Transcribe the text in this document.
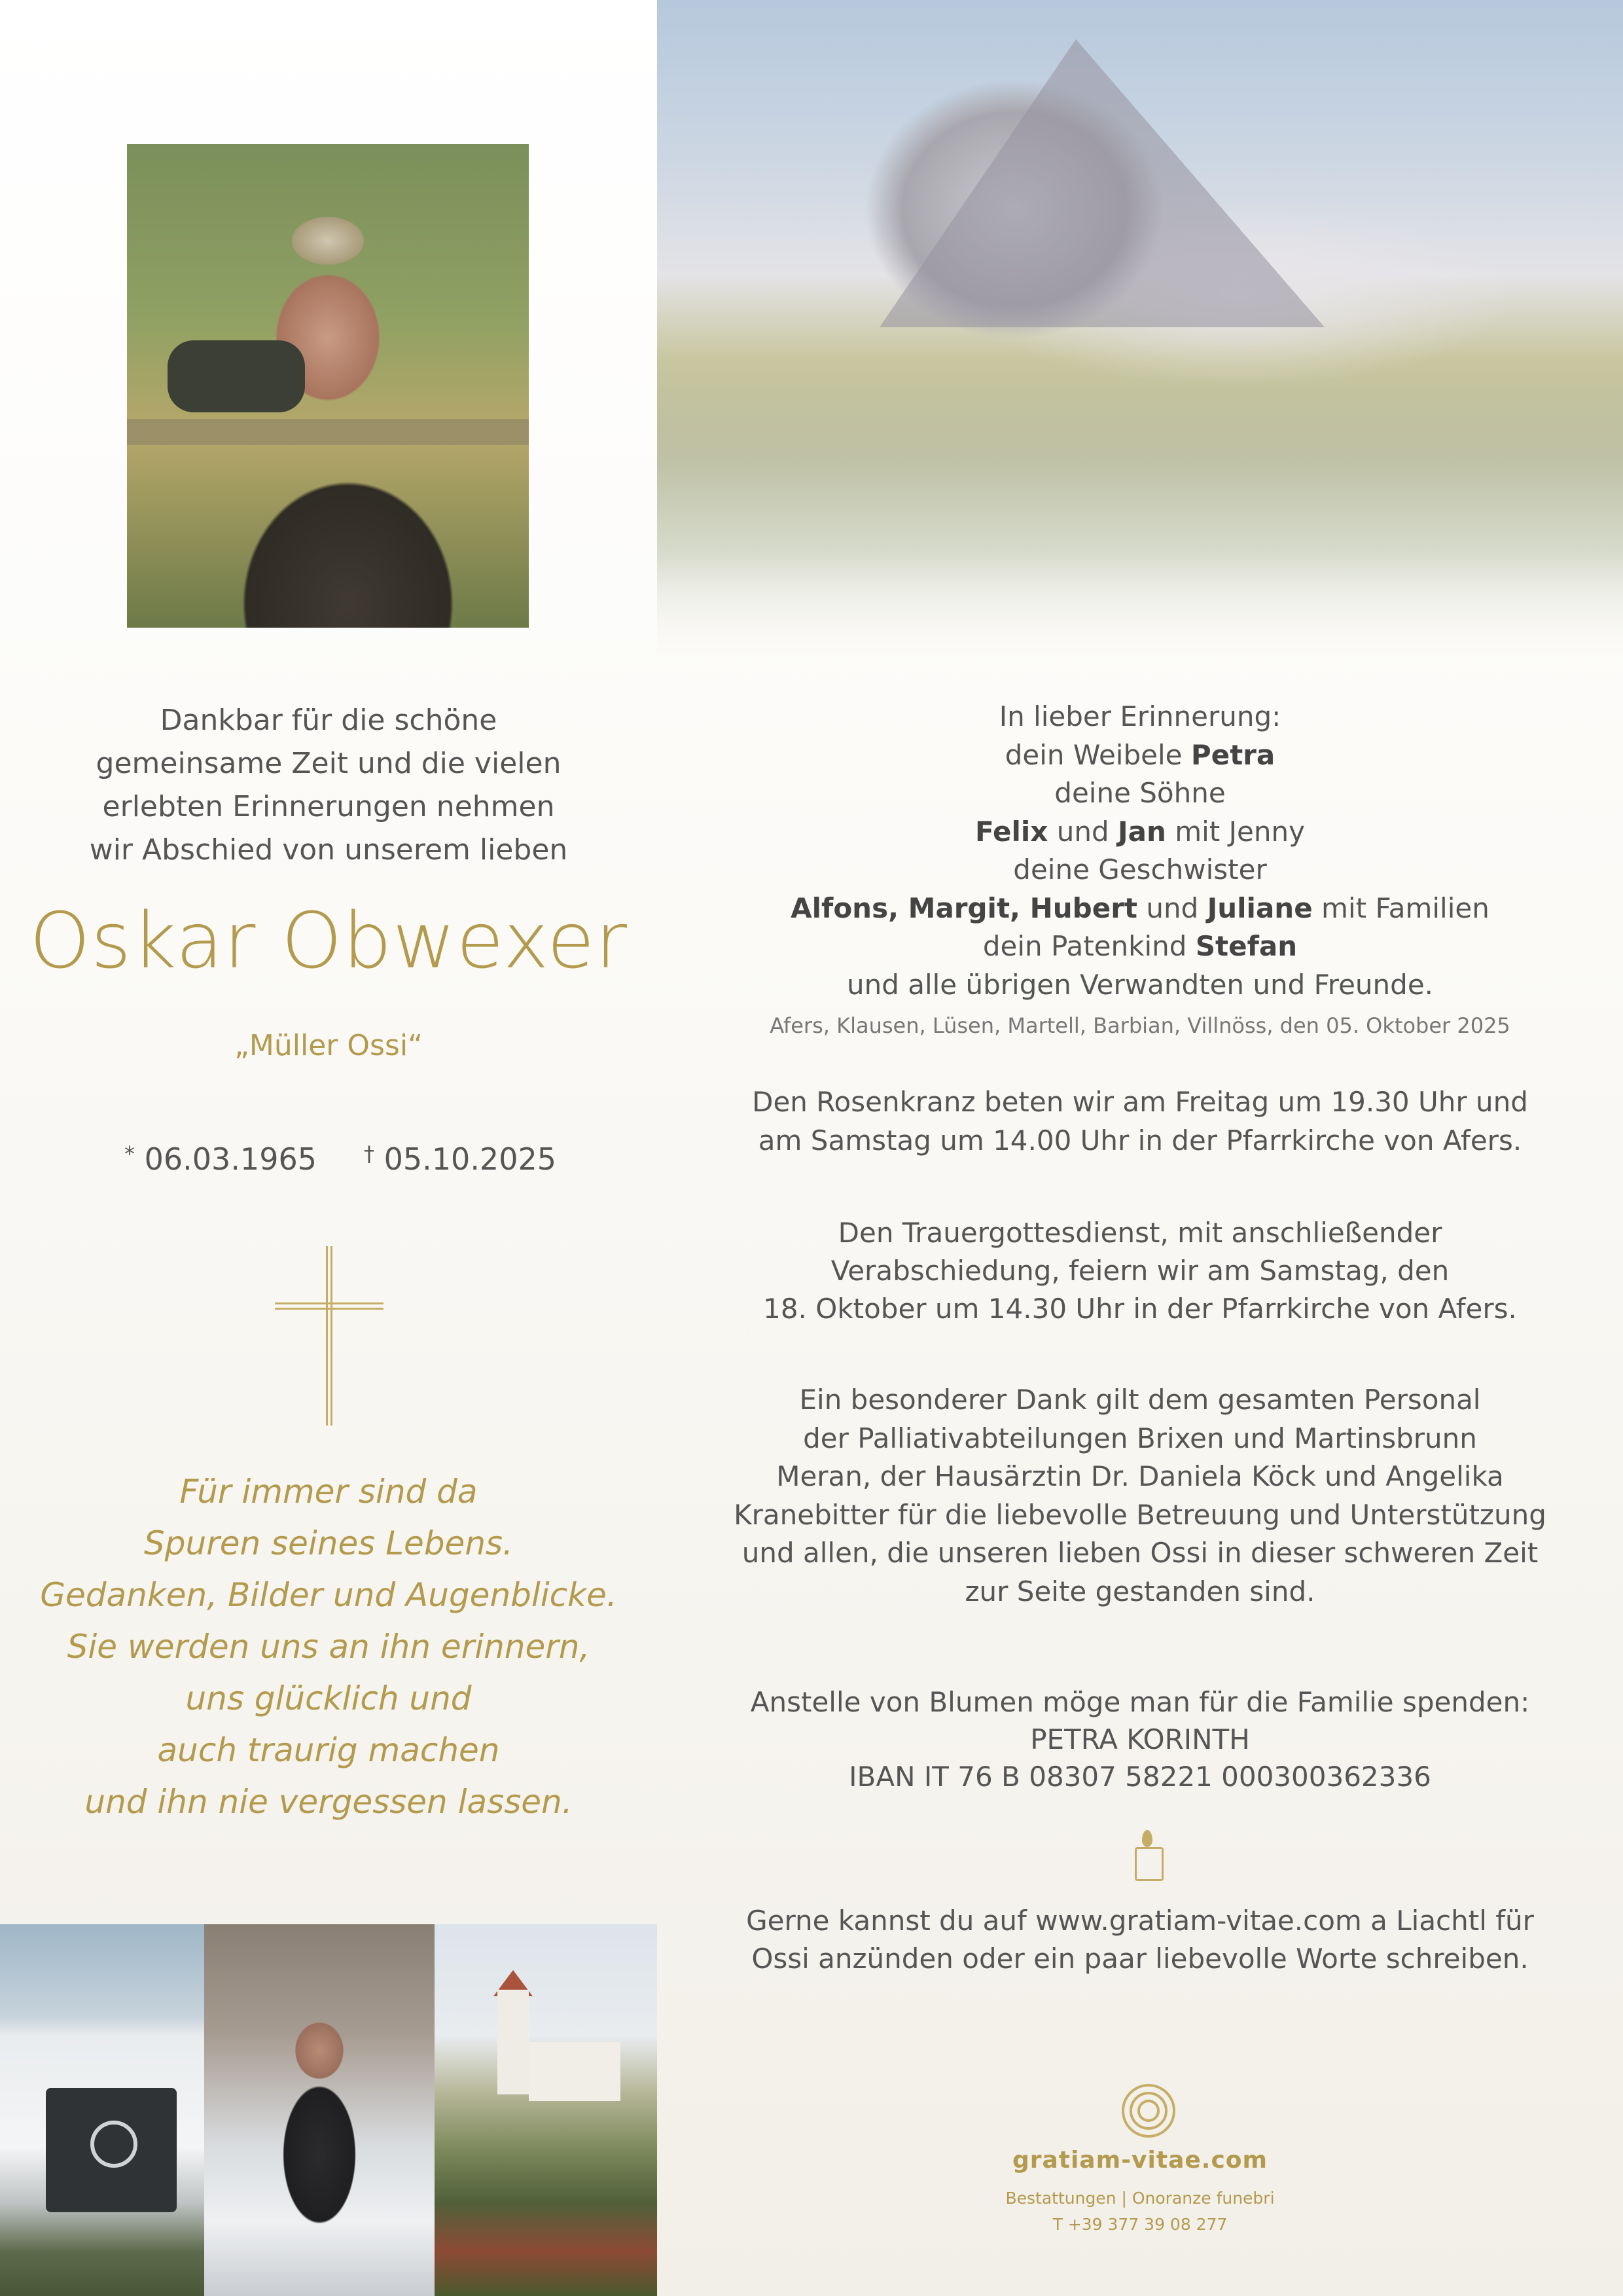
Dankbar für die schöne
gemeinsame Zeit und die vielen
erlebten Erinnerungen nehmen
wir Abschied von unserem lieben
Oskar Obwexer
„Müller Ossi“
* 06.03.1965 † 05.10.2025
Für immer sind da
Spuren seines Lebens.
Gedanken, Bilder und Augenblicke.
Sie werden uns an ihn erinnern,
uns glücklich und
auch traurig machen
und ihn nie vergessen lassen.
In lieber Erinnerung:
dein Weibele Petra
deine Söhne
Felix und Jan mit Jenny
deine Geschwister
Alfons, Margit, Hubert und Juliane mit Familien
dein Patenkind Stefan
und alle übrigen Verwandten und Freunde.
Afers, Klausen, Lüsen, Martell, Barbian, Villnöss, den 05. Oktober 2025
Den Rosenkranz beten wir am Freitag um 19.30 Uhr und
am Samstag um 14.00 Uhr in der Pfarrkirche von Afers.
Den Trauergottesdienst, mit anschließender
Verabschiedung, feiern wir am Samstag, den
18. Oktober um 14.30 Uhr in der Pfarrkirche von Afers.
Ein besonderer Dank gilt dem gesamten Personal
der Palliativabteilungen Brixen und Martinsbrunn
Meran, der Hausärztin Dr. Daniela Köck und Angelika
Kranebitter für die liebevolle Betreuung und Unterstützung
und allen, die unseren lieben Ossi in dieser schweren Zeit
zur Seite gestanden sind.
Anstelle von Blumen möge man für die Familie spenden:
PETRA KORINTH
IBAN IT 76 B 08307 58221 000300362336
Gerne kannst du auf www.gratiam-vitae.com a Liachtl für
Ossi anzünden oder ein paar liebevolle Worte schreiben.
gratiam-vitae.com
Bestattungen | Onoranze funebri
T +39 377 39 08 277
